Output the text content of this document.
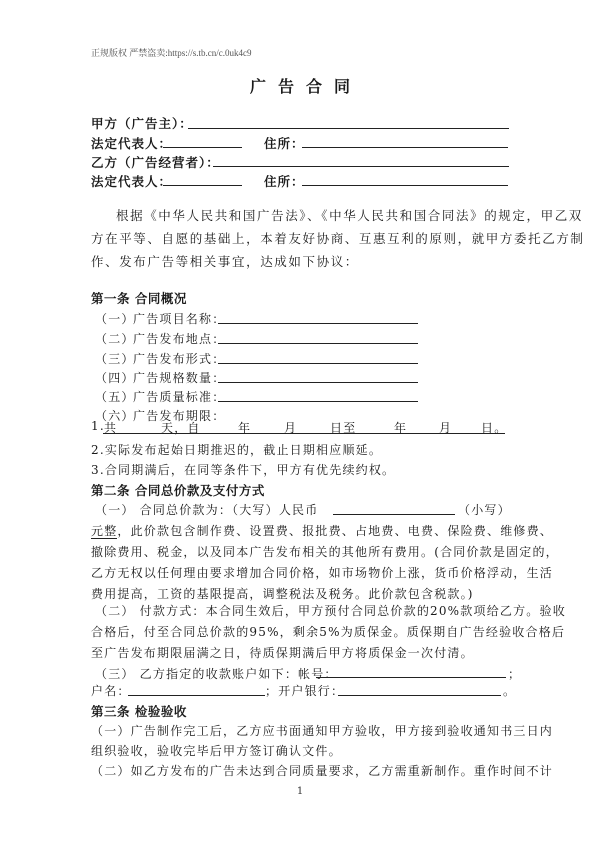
正规版权 严禁盗卖:https://s.tb.cn/c.0uk4c9
广告合同
甲方（广告主）：
法定代表人：	住所：
乙方（广告经营者）：
法定代表人：	住所：
根据《中华人民共和国广告法》、《中华人民共和国合同法》的规定，甲乙双
方在平等、自愿的基础上，本着友好协商、互惠互利的原则，就甲方委托乙方制
作、发布广告等相关事宜，达成如下协议：
第一条 合同概况
（一）
广告项目名称：
（二）
广告发布地点：
（三）
广告发布形式：
（四）
广告规格数量：
（五）
广告质量标准：
（六）
广告发布期限：
1. 共	天，自	年	月	日至	年	月 日。
2.实际发布起始日期推迟的，截止日期相应顺延。
3.合同期满后，在同等条件下，甲方有优先续约权。
第二条 合同总价款及支付方式
（一） 合同总价款为：（大写）人民币	（小写）
元整，此价款包含制作费、设置费、报批费、占地费、电费、保险费、维修费、
撤除费用、税金，以及同本广告发布相关的其他所有费用。(合同价款是固定的，
乙方无权以任何理由要求增加合同价格，如市场物价上涨，货币价格浮动，生活
费用提高，工资的基限提高，调整税法及税务。此价款包含税款。)
（二） 付款方式：本合同生效后，甲方预付合同总价款的20%款项给乙方。验收
合格后，付至合同总价款的95%，剩余5%为质保金。质保期自广告经验收合格后
至广告发布期限届满之日，待质保期满后甲方将质保金一次付清。
（三） 乙方指定的收款账户如下：帐号：	；
户名：	；开户银行：	。
第三条 检验验收
（一）广告制作完工后，乙方应书面通知甲方验收，甲方接到验收通知书三日内
组织验收，验收完毕后甲方签订确认文件。
（二）如乙方发布的广告未达到合同质量要求，乙方需重新制作。重作时间不计
1
